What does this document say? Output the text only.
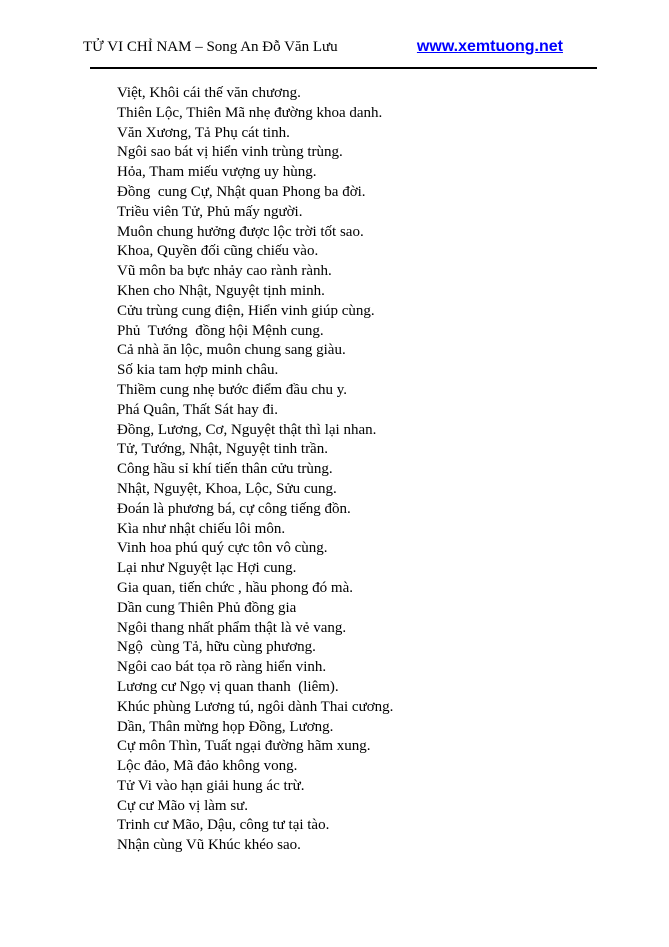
TỬ VI CHỈ NAM – Song An Đỗ Văn Lưu	www.xemtuong.net

Việt, Khôi cái thế văn chương.

Thiên Lộc, Thiên Mã nhẹ đường khoa danh.

Văn Xương, Tả Phụ cát tinh.

Ngôi sao bát vị hiển vinh trùng trùng.

Hỏa, Tham miếu vượng uy hùng.

Đồng  cung Cự, Nhật quan Phong ba đời.

Triều viên Tử, Phủ mấy người.

Muôn chung hưởng được lộc trời tốt sao.

Khoa, Quyền đối cũng chiếu vào.

Vũ môn ba bực nhảy cao rành rành.

Khen cho Nhật, Nguyệt tịnh minh.

Cửu trùng cung điện, Hiển vinh giúp cùng.

Phủ  Tướng  đồng hội Mệnh cung.

Cả nhà ăn lộc, muôn chung sang giàu.

Số kia tam hợp minh châu.

Thiềm cung nhẹ bước điểm đầu chu y.

Phá Quân, Thất Sát hay đi.

Đồng, Lương, Cơ, Nguyệt thật thì lại nhan.

Tử, Tướng, Nhật, Nguyệt tinh trần.

Công hầu sỉ khí tiến thân cửu trùng.

Nhật, Nguyệt, Khoa, Lộc, Sửu cung.

Đoán là phương bá, cự công tiếng đồn.

Kìa như nhật chiếu lôi môn.

Vinh hoa phú quý cực tôn vô cùng.

Lại như Nguyệt lạc Hợi cung.

Gia quan, tiến chức , hầu phong đó mà.

Dần cung Thiên Phủ đồng gia

Ngôi thang nhất phẩm thật là vẻ vang.

Ngộ  cùng Tả, hữu cùng phương.

Ngôi cao bát tọa rõ ràng hiển vinh.

Lương cư Ngọ vị quan thanh  (liêm).

Khúc phùng Lương tú, ngôi dành Thai cương.

Dần, Thân mừng họp Đồng, Lương.

Cự môn Thìn, Tuất ngại đường hãm xung.

Lộc đảo, Mã đảo không vong.

Tử Vi vào hạn giải hung ác trừ.

Cự cư Mão vị làm sư.

Trinh cư Mão, Dậu, công tư tại tào.

Nhận cùng Vũ Khúc khéo sao.
